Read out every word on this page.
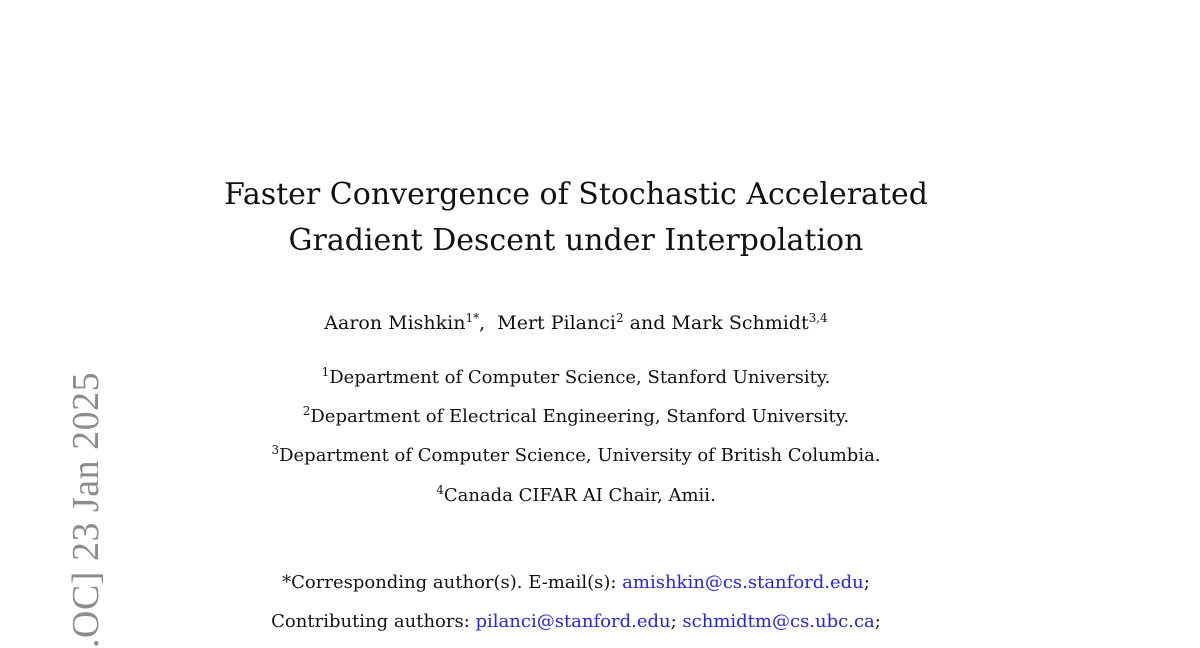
.OC] 23 Jan 2025
Faster Convergence of Stochastic Accelerated
Gradient Descent under Interpolation
Aaron Mishkin$^{1*}$,  Mert Pilanci$^2$ and Mark Schmidt$^{3,4}$
$^1$Department of Computer Science, Stanford University.
$^2$Department of Electrical Engineering, Stanford University.
$^3$Department of Computer Science, University of British Columbia.
$^4$Canada CIFAR AI Chair, Amii.
*Corresponding author(s). E-mail(s): amishkin@cs.stanford.edu;
Contributing authors: pilanci@stanford.edu; schmidtm@cs.ubc.ca;
